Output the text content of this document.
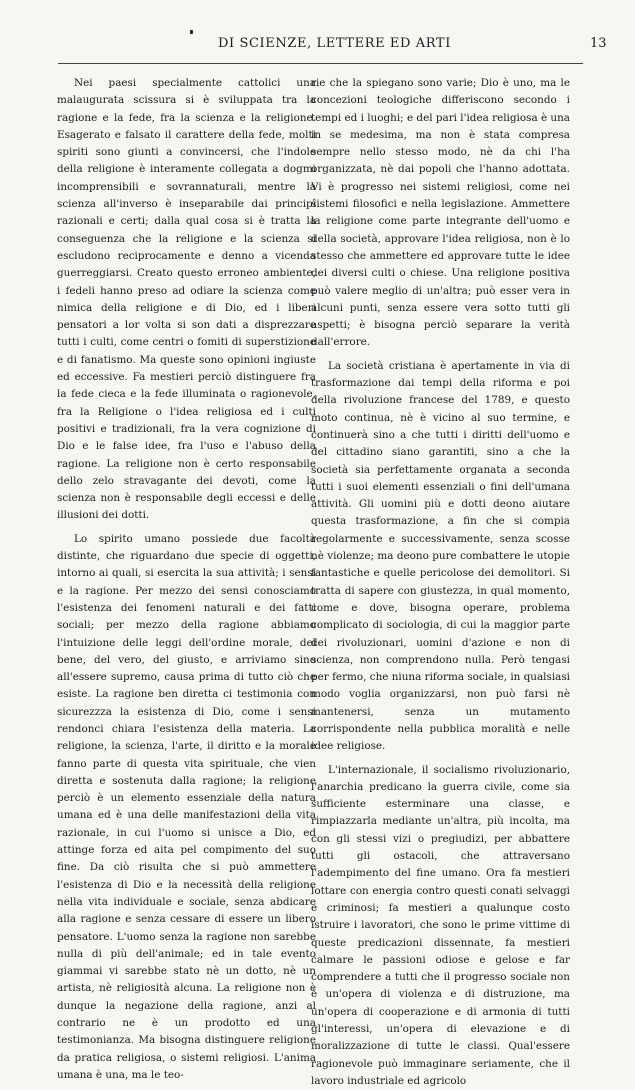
DI SCIENZE, LETTERE ED ARTI	13

Nei paesi specialmente cattolici una malaugurata scissura si è sviluppata tra la ragione e la fede, fra la scienza e la religione. Esagerato e falsato il carattere della fede, molti spiriti sono giunti a convincersi, che l'indole della religione è interamente collegata a dogmi incomprensibili e sovrannaturali, mentre la scienza all'inverso è inseparabile dai principî razionali e certi; dalla qual cosa si è tratta la conseguenza che la religione e la scienza si escludono reciprocamente e denno a vicenda guerreggiarsi. Creato questo erroneo ambiente, i fedeli hanno preso ad odiare la scienza come nimica della religione e di Dio, ed i liberi pensatori a lor volta si son dati a disprezzare tutti i culti, come centri o fomiti di superstizione e di fanatismo. Ma queste sono opinioni ingiuste ed eccessive. Fa mestieri perciò distinguere fra la fede cieca e la fede illuminata o ragionevole, fra la Religione o l'idea religiosa ed i culti positivi e tradizionali, fra la vera cognizione di Dio e le false idee, fra l'uso e l'abuso della ragione. La religione non è certo responsabile dello zelo stravagante dei devoti, come la scienza non è responsabile degli eccessi e delle illusioni dei dotti.

Lo spirito umano possiede due facoltà distinte, che riguardano due specie di oggetti, intorno ai quali, si esercita la sua attività; i sensi e la ragione. Per mezzo dei sensi conosciamo l'esistenza dei fenomeni naturali e dei fatti sociali; per mezzo della ragione abbiamo l'intuizione delle leggi dell'ordine morale, del bene, del vero, del giusto, e arriviamo sino all'essere supremo, causa prima di tutto ciò che esiste. La ragione ben diretta ci testimonia con sicurezzza la esistenza di Dio, come i sensi rendonci chiara l'esistenza della materia. La religione, la scienza, l'arte, il diritto e la morale fanno parte di questa vita spirituale, che vien diretta e sostenuta dalla ragione; la religione perciò è un elemento essenziale della natura umana ed è una delle manifestazioni della vita razionale, in cui l'uomo si unisce a Dio, ed attinge forza ed aita pel compimento del suo fine. Da ciò risulta che si può ammettere l'esistenza di Dio e la necessità della religione nella vita individuale e sociale, senza abdicare alla ragione e senza cessare di essere un libero pensatore. L'uomo senza la ragione non sarebbe nulla di più dell'animale; ed in tale evento giammai vi sarebbe stato nè un dotto, nè un artista, nè religiosità alcuna. La religione non è dunque la negazione della ragione, anzi al contrario ne è un prodotto ed una testimonianza. Ma bisogna distinguere religione da pratica religiosa, o sistemi religiosi. L'anima umana è una, ma le teo-

rie che la spiegano sono varie; Dio è uno, ma le concezioni teologiche differiscono secondo i tempi ed i luoghi; e del pari l'idea religiosa è una in se medesima, ma non è stata compresa sempre nello stesso modo, nè da chi l'ha organizzata, nè dai popoli che l'hanno adottata. Vi è progresso nei sistemi religiosi, come nei sistemi filosofici e nella legislazione. Ammettere la religione come parte integrante dell'uomo e della società, approvare l'idea religiosa, non è lo stesso che ammettere ed approvare tutte le idee dei diversi culti o chiese. Una religione positiva può valere meglio di un'altra; può esser vera in alcuni punti, senza essere vera sotto tutti gli aspetti; è bisogna perciò separare la verità dall'errore.

La società cristiana è apertamente in via di trasformazione dai tempi della riforma e poi della rivoluzione francese del 1789, e questo moto continua, nè è vicino al suo termine, e continuerà sino a che tutti i diritti dell'uomo e del cittadino siano garantiti, sino a che la società sia perfettamente organata a seconda tutti i suoi elementi essenziali o fini dell'umana attività. Gli uomini più e dotti deono aiutare questa trasformazione, a fin che si compia regolarmente e successivamente, senza scosse nè violenze; ma deono pure combattere le utopie fantastiche e quelle pericolose dei demolitori. Si tratta di sapere con giustezza, in qual momento, come e dove, bisogna operare, problema complicato di sociologia, di cui la maggior parte dei rivoluzionari, uomini d'azione e non di scienza, non comprendono nulla. Però tengasi per fermo, che niuna riforma sociale, in qualsiasi modo voglia organizzarsi, non può farsi nè mantenersi, senza un mutamento corrispondente nella pubblica moralità e nelle idee religiose.

L'internazionale, il socialismo rivoluzionario, l'anarchia predicano la guerra civile, come sia sufficiente esterminare una classe, e rimpiazzarla mediante un'altra, più incolta, ma con gli stessi vizi o pregiudizi, per abbattere tutti gli ostacoli, che attraversano l'adempimento del fine umano. Ora fa mestieri lottare con energia contro questi conati selvaggi e criminosi; fa mestieri a qualunque costo istruire i lavoratori, che sono le prime vittime di queste predicazioni dissennate, fa mestieri calmare le passioni odiose e gelose e far comprendere a tutti che il progresso sociale non è un'opera di violenza e di distruzione, ma un'opera di cooperazione e di armonia di tutti gl'interessi, un'opera di elevazione e di moralizzazione di tutte le classi. Qual'essere ragionevole può immaginare seriamente, che il lavoro industriale ed agricolo
